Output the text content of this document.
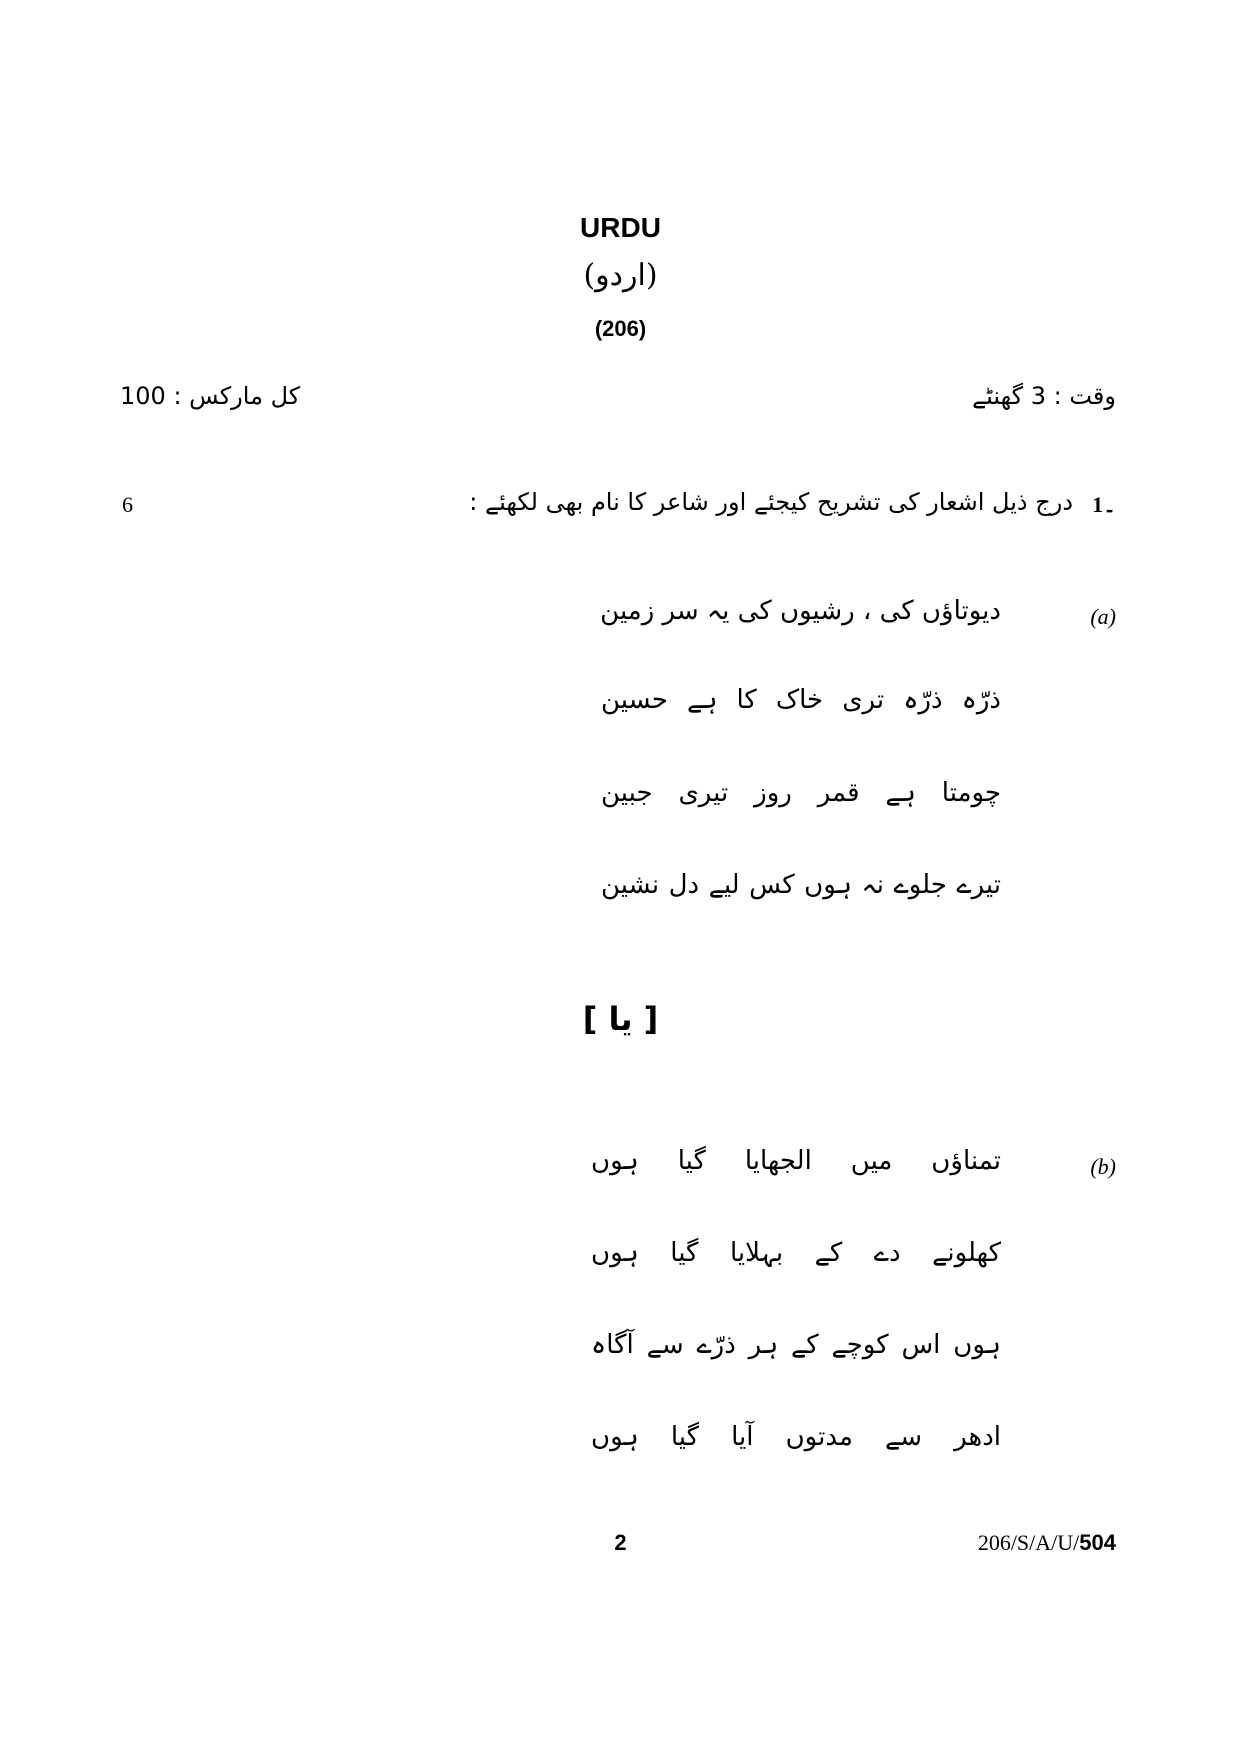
URDU
(اردو)
(206)
وقت : 3 گھنٹے
کل مارکس : 100
1۔
درج ذیل اشعار کی تشریح کیجئے اور شاعر کا نام بھی لکھئے :
6
(a)
دیوتاؤں کی ، رشیوں کی یہ سر زمین
ذرّہ ذرّہ تری خاک کا ہے حسین
چومتا ہے قمر روز تیری جبین
تیرے جلوے نہ ہوں کس لیے دل نشین
[ یا ]
(b)
تمناؤں میں الجھایا گیا ہوں
کھلونے دے کے بہلایا گیا ہوں
ہوں اس کوچے کے ہر ذرّے سے آگاہ
ادھر سے مدتوں آیا گیا ہوں
2	206/S/A/U/504
